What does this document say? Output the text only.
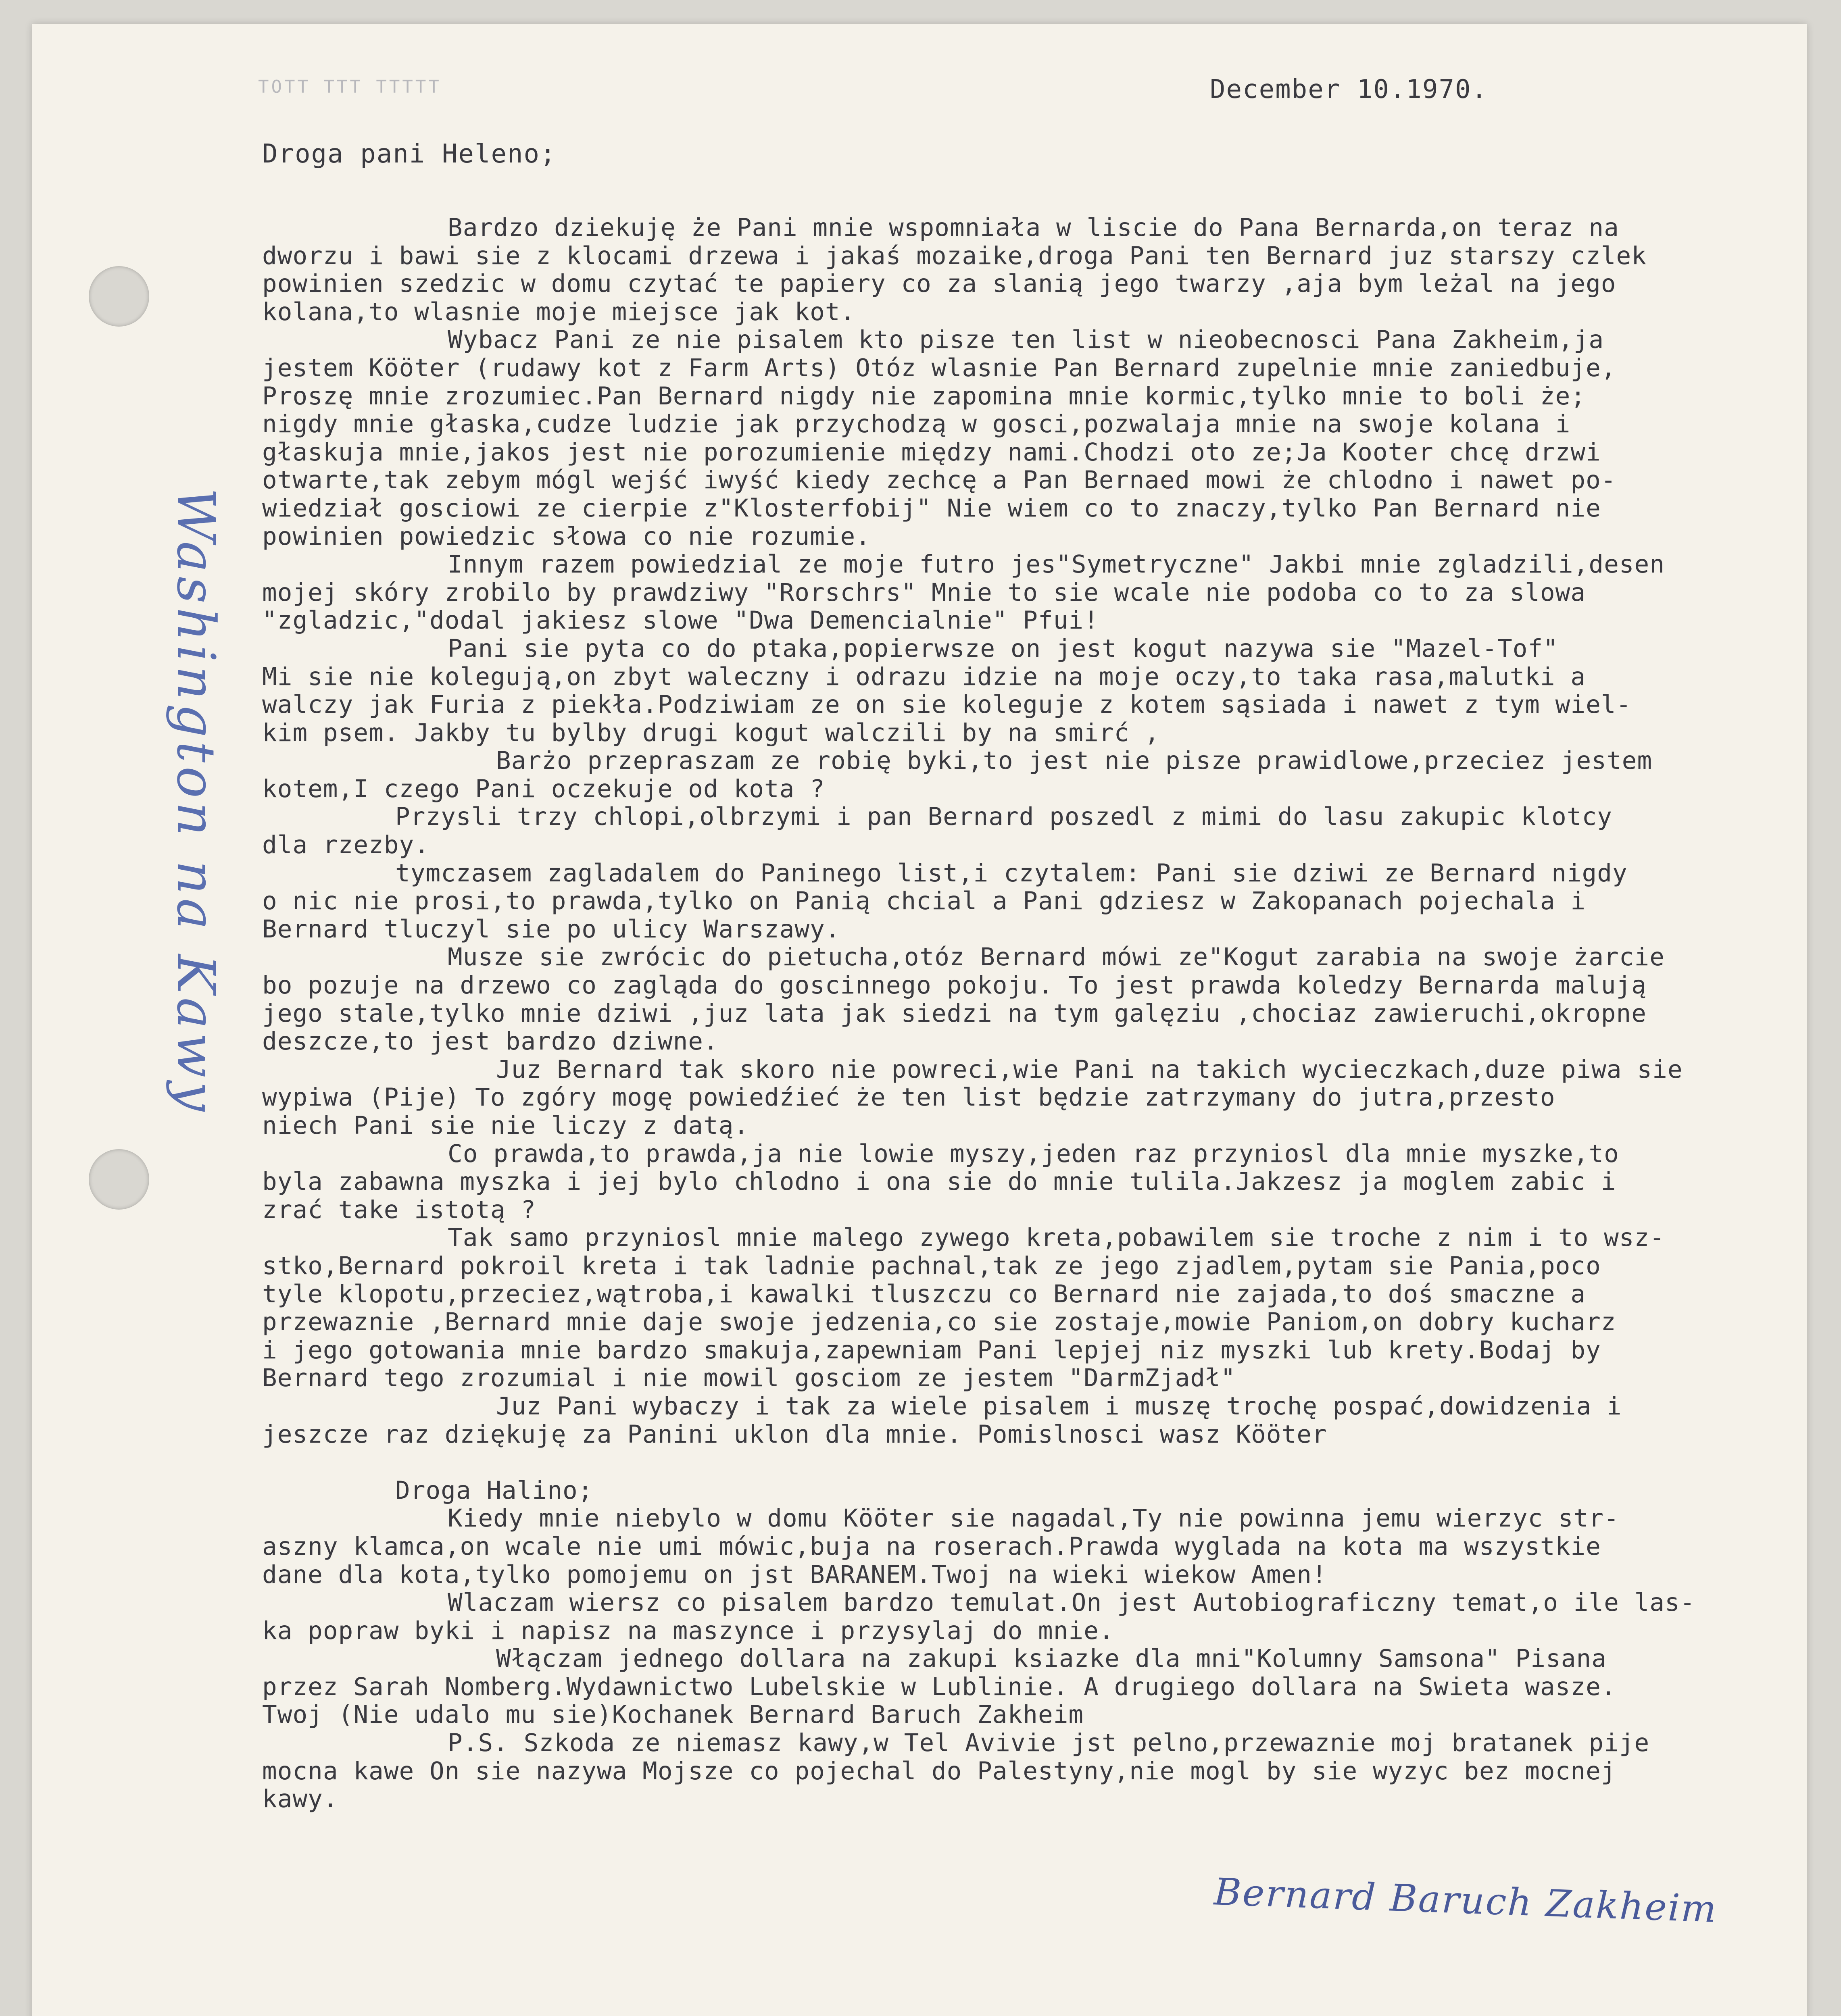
TOTT TTT TTTTT	December 10.1970.
Droga pani Heleno;
Bardzo dziekuję że Pani mnie wspomniała w liscie do Pana Bernarda,on teraz na
dworzu i bawi sie z klocami drzewa i jakaś mozaike,droga Pani ten Bernard juz starszy czlek
powinien szedzic w domu czytać te papiery co za slanią jego twarzy ,aja bym leżal na jego
kolana,to wlasnie moje miejsce jak kot.
Wybacz Pani ze nie pisalem kto pisze ten list w nieobecnosci Pana Zakheim,ja
jestem Kööter (rudawy kot z Farm Arts) Otóz wlasnie Pan Bernard zupelnie mnie zaniedbuje,
Proszę mnie zrozumiec.Pan Bernard nigdy nie zapomina mnie kormic,tylko mnie to boli że;
nigdy mnie głaska,cudze ludzie jak przychodzą w gosci,pozwalaja mnie na swoje kolana i
głaskuja mnie,jakos jest nie porozumienie między nami.Chodzi oto ze;Ja Kooter chcę drzwi
otwarte,tak zebym mógl wejść iwyść kiedy zechcę a Pan Bernaed mowi że chlodno i nawet po-
wiedział gosciowi ze cierpie z"Klosterfobij" Nie wiem co to znaczy,tylko Pan Bernard nie
powinien powiedzic słowa co nie rozumie.
Innym razem powiedzial ze moje futro jes"Symetryczne" Jakbi mnie zgladzili,desen
mojej skóry zrobilo by prawdziwy "Rorschrs" Mnie to sie wcale nie podoba co to za slowa
"zgladzic,"dodal jakiesz slowe "Dwa Demencialnie" Pfui!
Pani sie pyta co do ptaka,popierwsze on jest kogut nazywa sie "Mazel-Tof"
Mi sie nie kolegują,on zbyt waleczny i odrazu idzie na moje oczy,to taka rasa,malutki a
walczy jak Furia z piekła.Podziwiam ze on sie koleguje z kotem sąsiada i nawet z tym wiel-
kim psem. Jakby tu bylby drugi kogut walczili by na smirć ,
Barżo przepraszam ze robię byki,to jest nie pisze prawidlowe,przeciez jestem
kotem,I czego Pani oczekuje od kota ?
Przysli trzy chlopi,olbrzymi i pan Bernard poszedl z mimi do lasu zakupic klotcy
dla rzezby.
tymczasem zagladalem do Paninego list,i czytalem: Pani sie dziwi ze Bernard nigdy
o nic nie prosi,to prawda,tylko on Panią chcial a Pani gdziesz w Zakopanach pojechala i
Bernard tluczyl sie po ulicy Warszawy.
Musze sie zwrócic do pietucha,otóz Bernard mówi ze"Kogut zarabia na swoje żarcie
bo pozuje na drzewo co zagląda do goscinnego pokoju. To jest prawda koledzy Bernarda malują
jego stale,tylko mnie dziwi ,juz lata jak siedzi na tym galęziu ,chociaz zawieruchi,okropne
deszcze,to jest bardzo dziwne.
Juz Bernard tak skoro nie powreci,wie Pani na takich wycieczkach,duze piwa sie
wypiwa (Pije) To zgóry mogę powiedźieć że ten list będzie zatrzymany do jutra,przesto
niech Pani sie nie liczy z datą.
Co prawda,to prawda,ja nie lowie myszy,jeden raz przyniosl dla mnie myszke,to
byla zabawna myszka i jej bylo chlodno i ona sie do mnie tulila.Jakzesz ja moglem zabic i
zrać take istotą ?
Tak samo przyniosl mnie malego zywego kreta,pobawilem sie troche z nim i to wsz-
stko,Bernard pokroil kreta i tak ladnie pachnal,tak ze jego zjadlem,pytam sie Pania,poco
tyle klopotu,przeciez,wątroba,i kawalki tluszczu co Bernard nie zajada,to doś smaczne a
przewaznie ,Bernard mnie daje swoje jedzenia,co sie zostaje,mowie Paniom,on dobry kucharz
i jego gotowania mnie bardzo smakuja,zapewniam Pani lepjej niz myszki lub krety.Bodaj by
Bernard tego zrozumial i nie mowil gosciom ze jestem "DarmZjadł"
Juz Pani wybaczy i tak za wiele pisalem i muszę trochę pospać,dowidzenia i
jeszcze raz dziękuję za Panini uklon dla mnie. Pomislnosci wasz Kööter
Droga Halino;
Kiedy mnie niebylo w domu Kööter sie nagadal,Ty nie powinna jemu wierzyc str-
aszny klamca,on wcale nie umi mówic,buja na roserach.Prawda wyglada na kota ma wszystkie
dane dla kota,tylko pomojemu on jst BARANEM.Twoj na wieki wiekow Amen!
Wlaczam wiersz co pisalem bardzo temulat.On jest Autobiograficzny temat,o ile las-
ka popraw byki i napisz na maszynce i przysylaj do mnie.
Włączam jednego dollara na zakupi ksiazke dla mni"Kolumny Samsona" Pisana
przez Sarah Nomberg.Wydawnictwo Lubelskie w Lublinie. A drugiego dollara na Swieta wasze.
Twoj (Nie udalo mu sie)Kochanek Bernard Baruch Zakheim
P.S. Szkoda ze niemasz kawy,w Tel Avivie jst pelno,przewaznie moj bratanek pije
mocna kawe On sie nazywa Mojsze co pojechal do Palestyny,nie mogl by sie wyzyc bez mocnej
kawy.
Washington na Kawy
Bernard Baruch Zakheim
